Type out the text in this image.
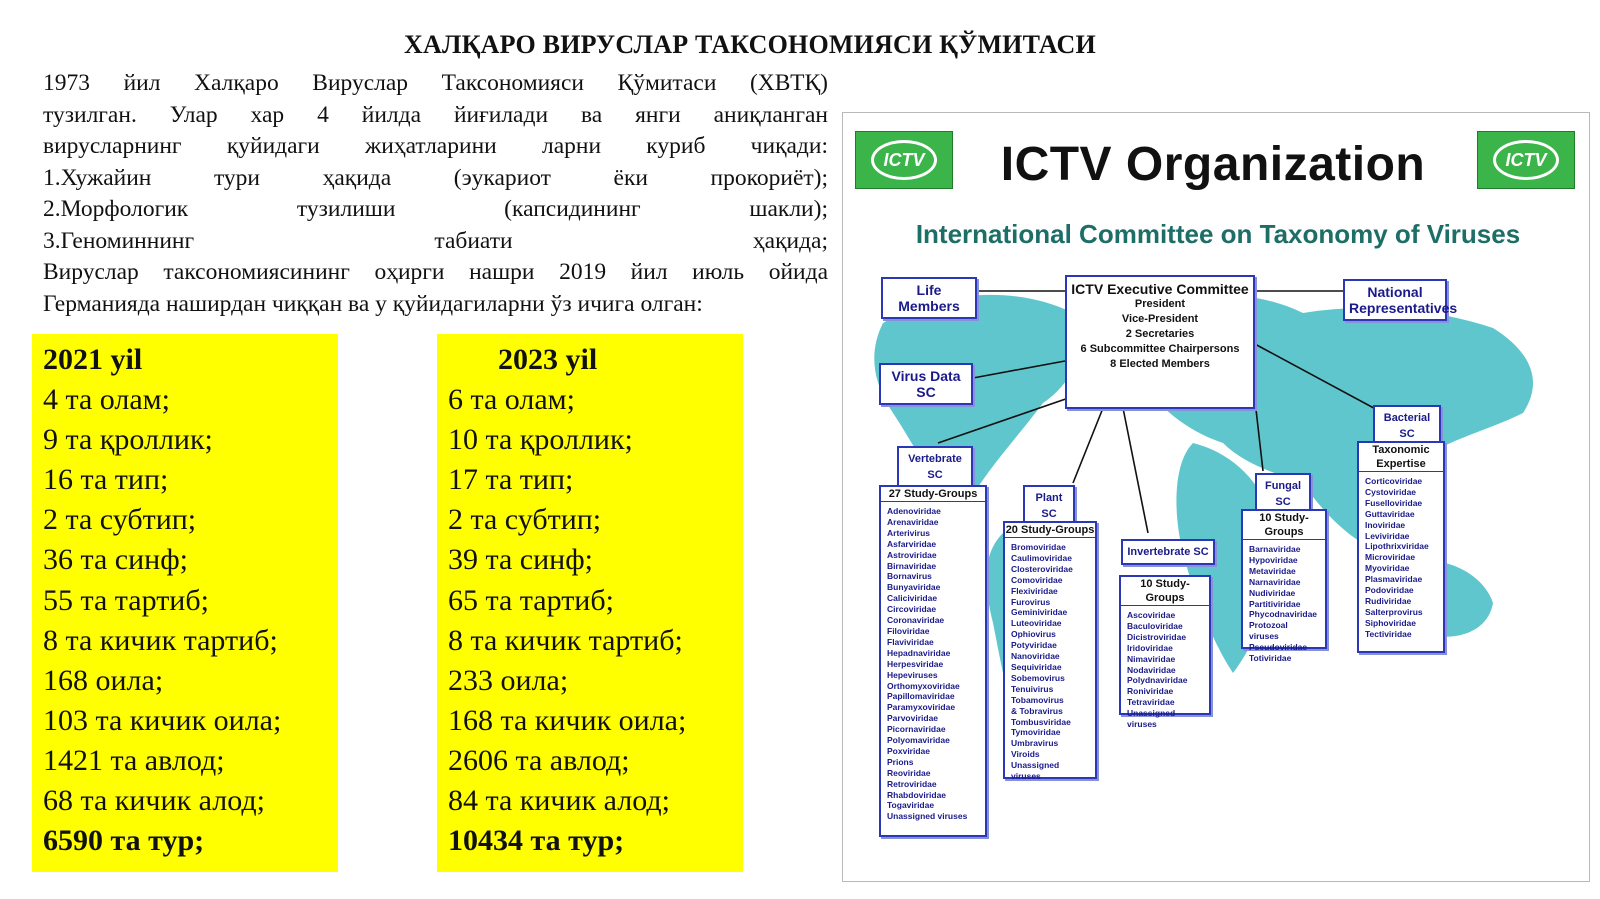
ХАЛҚАРО ВИРУСЛАР ТАКСОНОМИЯСИ ҚЎМИТАСИ

1973 йил Халқаро Вируслар Таксономияси Қўмитаси (ХВТҚ)

тузилган. Улар хар 4 йилда йиғилади ва янги аниқланган

вирусларнинг қуйидаги жиҳатларини ларни куриб чиқади:

1.Хужайин тури ҳақида (эукариот ёки прокориёт);

2.Морфологик тузилиши (капсидининг шакли);

3.Геноминнинг табиати ҳақида;

Вируслар таксономиясининг оҳирги нашри 2019 йил июль ойида

Германияда наширдан чиққан ва у қуйидагиларни ўз ичига олган:

2021 yil
4 та олам;
9 та қроллик;
16 та тип;
2 та субтип;
36 та синф;
55 та тартиб;
8 та кичик тартиб;
168 оила;
103 та кичик оила;
1421 та авлод;
68 та кичик алод;
6590 та тур;
2023 yil
6 та олам;
10 та қроллик;
17 та тип;
2 та субтип;
39 та синф;
65 та тартиб;
8 та кичик тартиб;
233 оила;
168 та кичик оила;
2606 та авлод;
84 та кичик алод;
10434 та тур;
ICTV	ICTV
ICTV Organization
International Committee on Taxonomy of Viruses
ICTV Executive Committee
President
Vice-President
2 Secretaries
6 Subcommittee Chairpersons
8 Elected Members
Life Members
National Representatives
Virus Data SC
Vertebrate SC
Plant SC
Invertebrate SC
Fungal SC
Bacterial SC
27 Study-Groups
Adenoviridae
Arenaviridae
Arterivirus
Asfarviridae
Astroviridae
Birnaviridae
Bornavirus
Bunyaviridae
Caliciviridae
Circoviridae
Coronaviridae
Filoviridae
Flaviviridae
Hepadnaviridae
Herpesviridae
Hepeviruses
Orthomyxoviridae
Papillomaviridae
Paramyxoviridae
Parvoviridae
Picornaviridae
Polyomaviridae
Poxviridae
Prions
Reoviridae
Retroviridae
Rhabdoviridae
Togaviridae
Unassigned viruses
20 Study-Groups
Bromoviridae
Caulimoviridae
Closteroviridae
Comoviridae
Flexiviridae
Furovirus
Geminiviridae
Luteoviridae
Ophiovirus
Potyviridae
Nanoviridae
Sequiviridae
Sobemovirus
Tenuivirus
Tobamovirus
& Tobravirus
Tombusviridae
Tymoviridae
Umbravirus
Viroids
Unassigned viruses
10 Study-Groups
Ascoviridae
Baculoviridae
Dicistroviridae
Iridoviridae
Nimaviridae
Nodaviridae
Polydnaviridae
Roniviridae
Tetraviridae
Unassigned viruses
10 Study-Groups
Barnaviridae
Hypoviridae
Metaviridae
Narnaviridae
Nudiviridae
Partitiviridae
Phycodnaviridae
Protozoal viruses
Pseudoviridae
Totiviridae
Taxonomic Expertise
Corticoviridae
Cystoviridae
Fuselloviridae
Guttaviridae
Inoviridae
Leviviridae
Lipothrixviridae
Microviridae
Myoviridae
Plasmaviridae
Podoviridae
Rudiviridae
Salterprovirus
Siphoviridae
Tectiviridae
